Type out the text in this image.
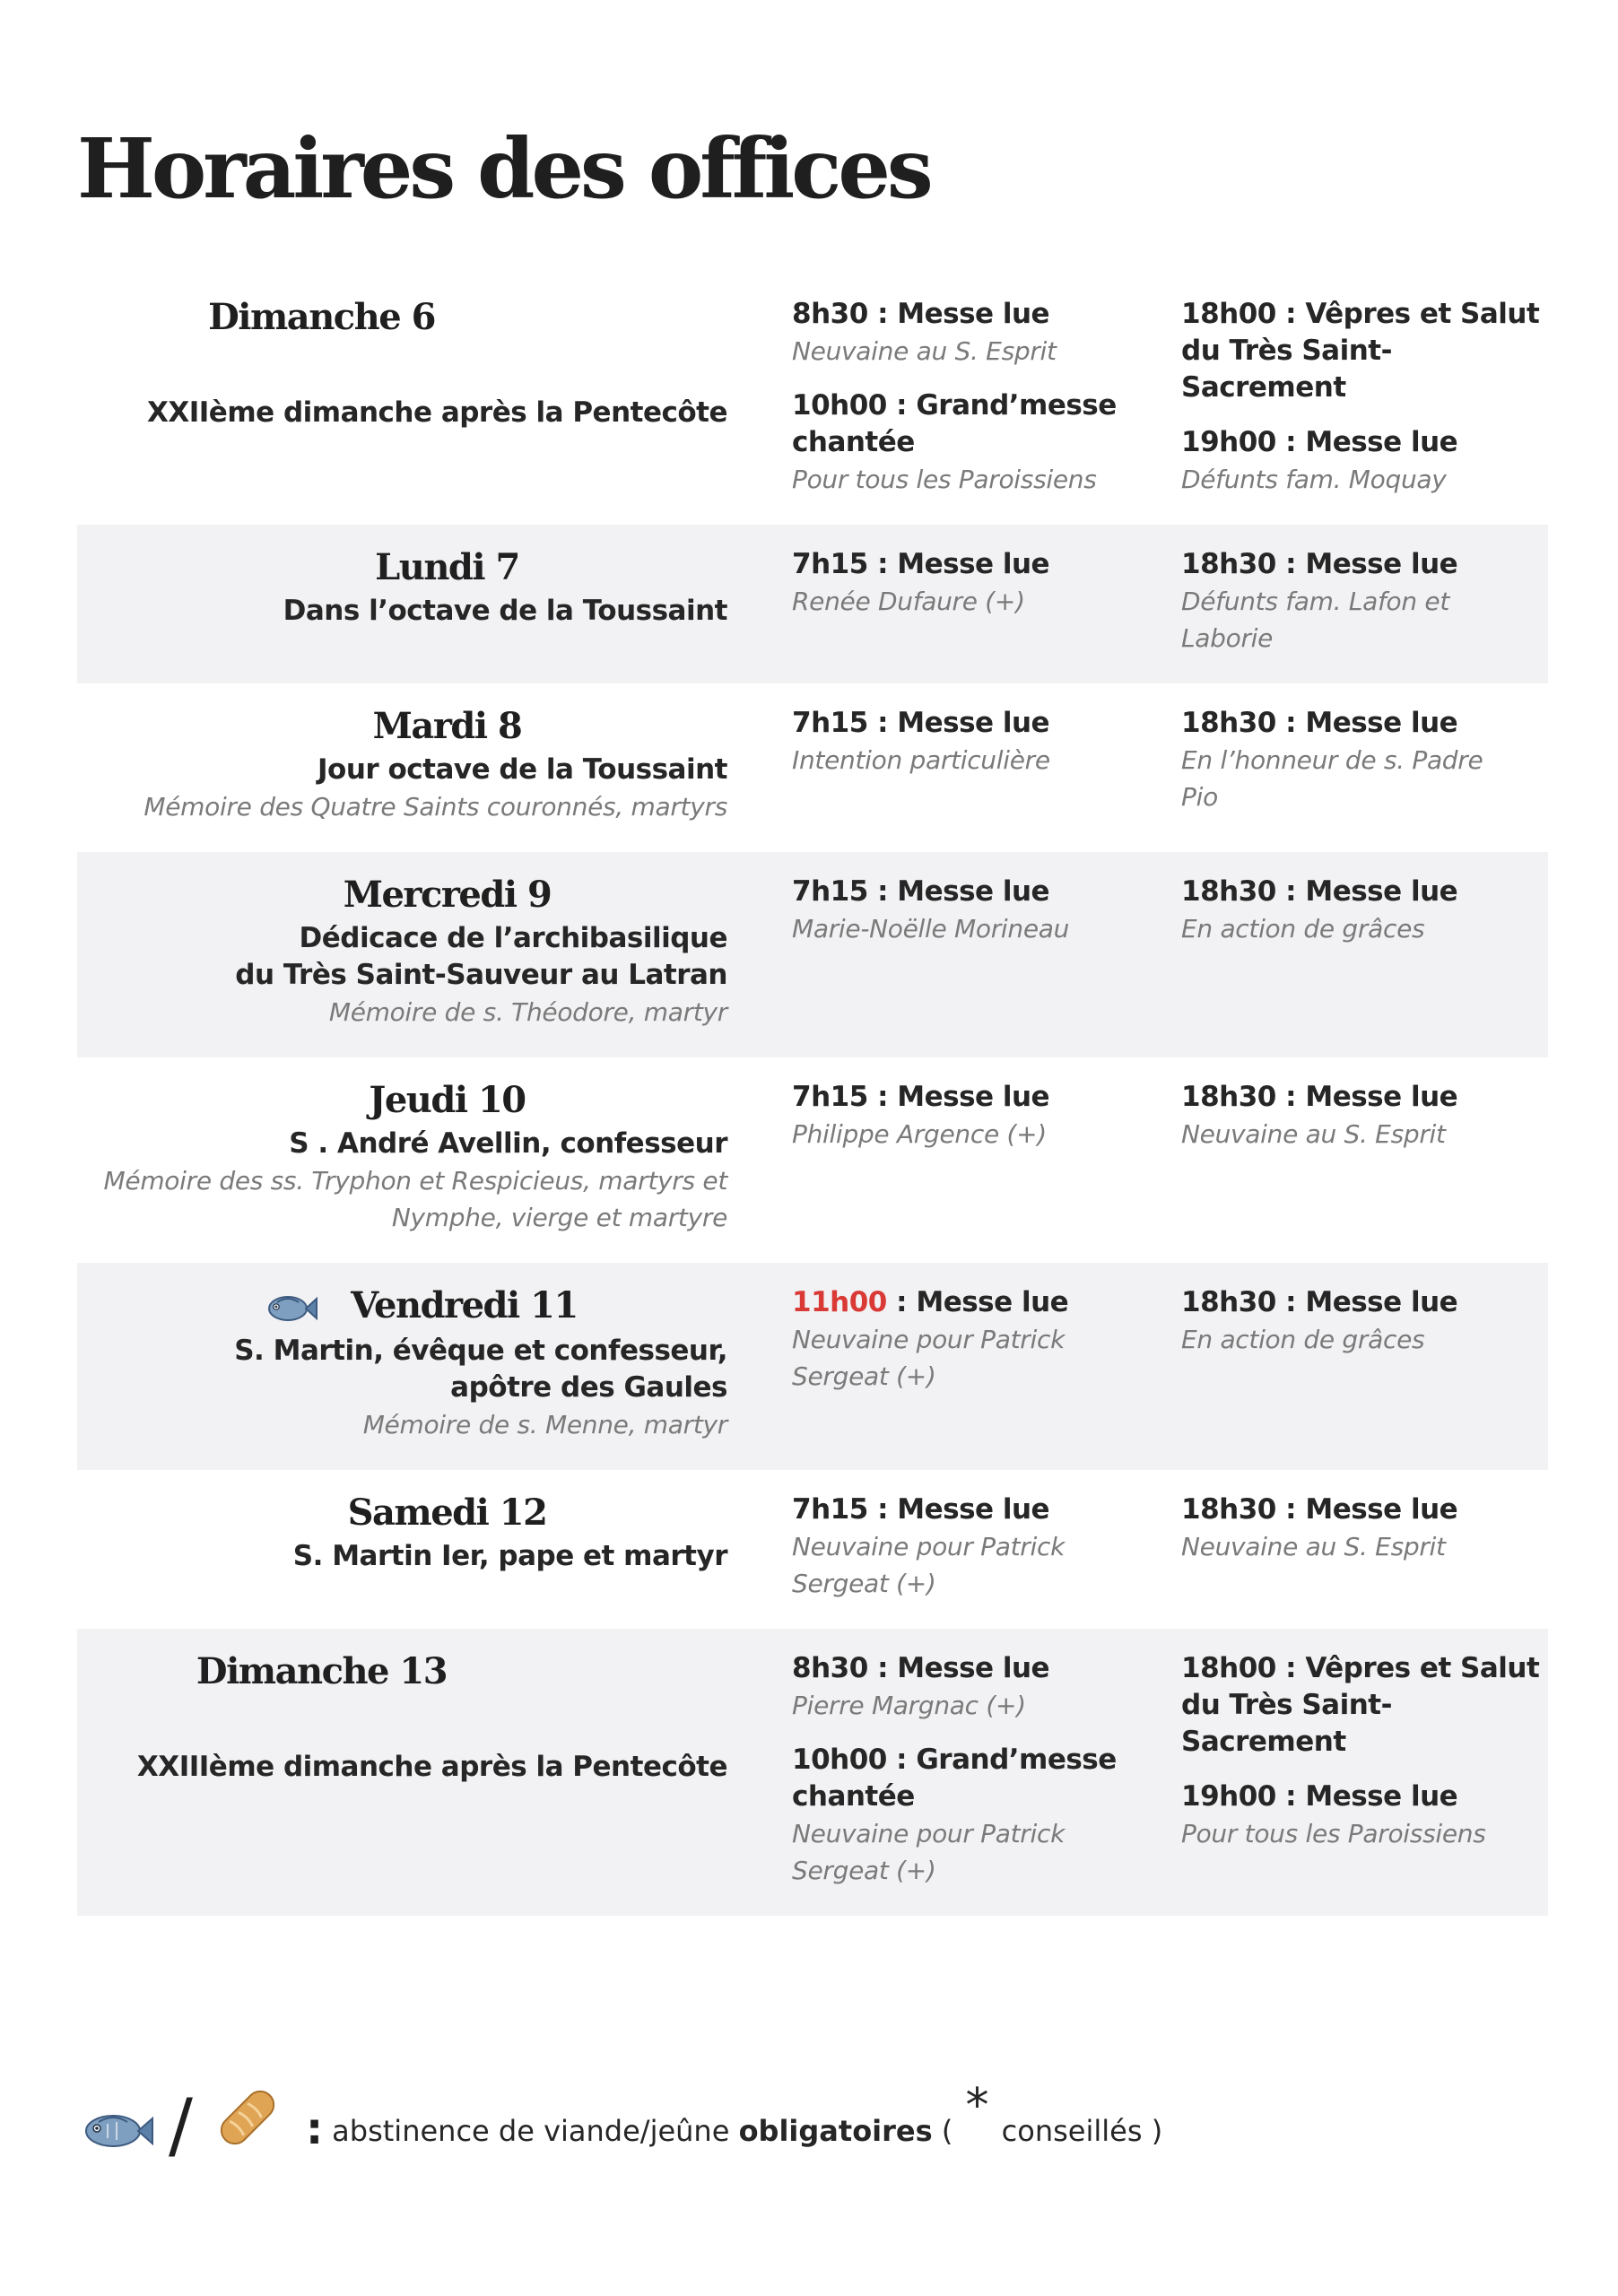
Horaires des offices
Dimanche 6
XXIIème dimanche après la Pentecôte
8h30 : Messe lue
Neuvaine au S. Esprit
10h00 : Grand’messe chantée
Pour tous les Paroissiens
18h00 : Vêpres et Salut du Très Saint-Sacrement
19h00 : Messe lue
Défunts fam. Moquay
Lundi 7
Dans l’octave de la Toussaint
7h15 : Messe lue
Renée Dufaure (+)
18h30 : Messe lue
Défunts fam. Lafon et
Laborie
Mardi 8
Jour octave de la Toussaint
Mémoire des Quatre Saints couronnés, martyrs
7h15 : Messe lue
Intention particulière
18h30 : Messe lue
En l’honneur de s. Padre
Pio
Mercredi 9
Dédicace de l’archibasilique
du Très Saint-Sauveur au Latran
Mémoire de s. Théodore, martyr
7h15 : Messe lue
Marie-Noëlle Morineau
18h30 : Messe lue
En action de grâces
Jeudi 10
S . André Avellin, confesseur
Mémoire des ss. Tryphon et Respicieus, martyrs et
Nymphe, vierge et martyre
7h15 : Messe lue
Philippe Argence (+)
18h30 : Messe lue
Neuvaine au S. Esprit
Vendredi 11
S. Martin, évêque et confesseur,
apôtre des Gaules
Mémoire de s. Menne, martyr
11h00 : Messe lue
Neuvaine pour Patrick
Sergeat (+)
18h30 : Messe lue
En action de grâces
Samedi 12
S. Martin Ier, pape et martyr
7h15 : Messe lue
Neuvaine pour Patrick
Sergeat (+)
18h30 : Messe lue
Neuvaine au S. Esprit
Dimanche 13
XXIIIème dimanche après la Pentecôte
8h30 : Messe lue
Pierre Margnac (+)
10h00 : Grand’messe chantée
Neuvaine pour Patrick
Sergeat (+)
18h00 : Vêpres et Salut du Très Saint-Sacrement
19h00 : Messe lue
Pour tous les Paroissiens
/	: abstinence de viande/jeûne obligatoires ( * conseillés )
